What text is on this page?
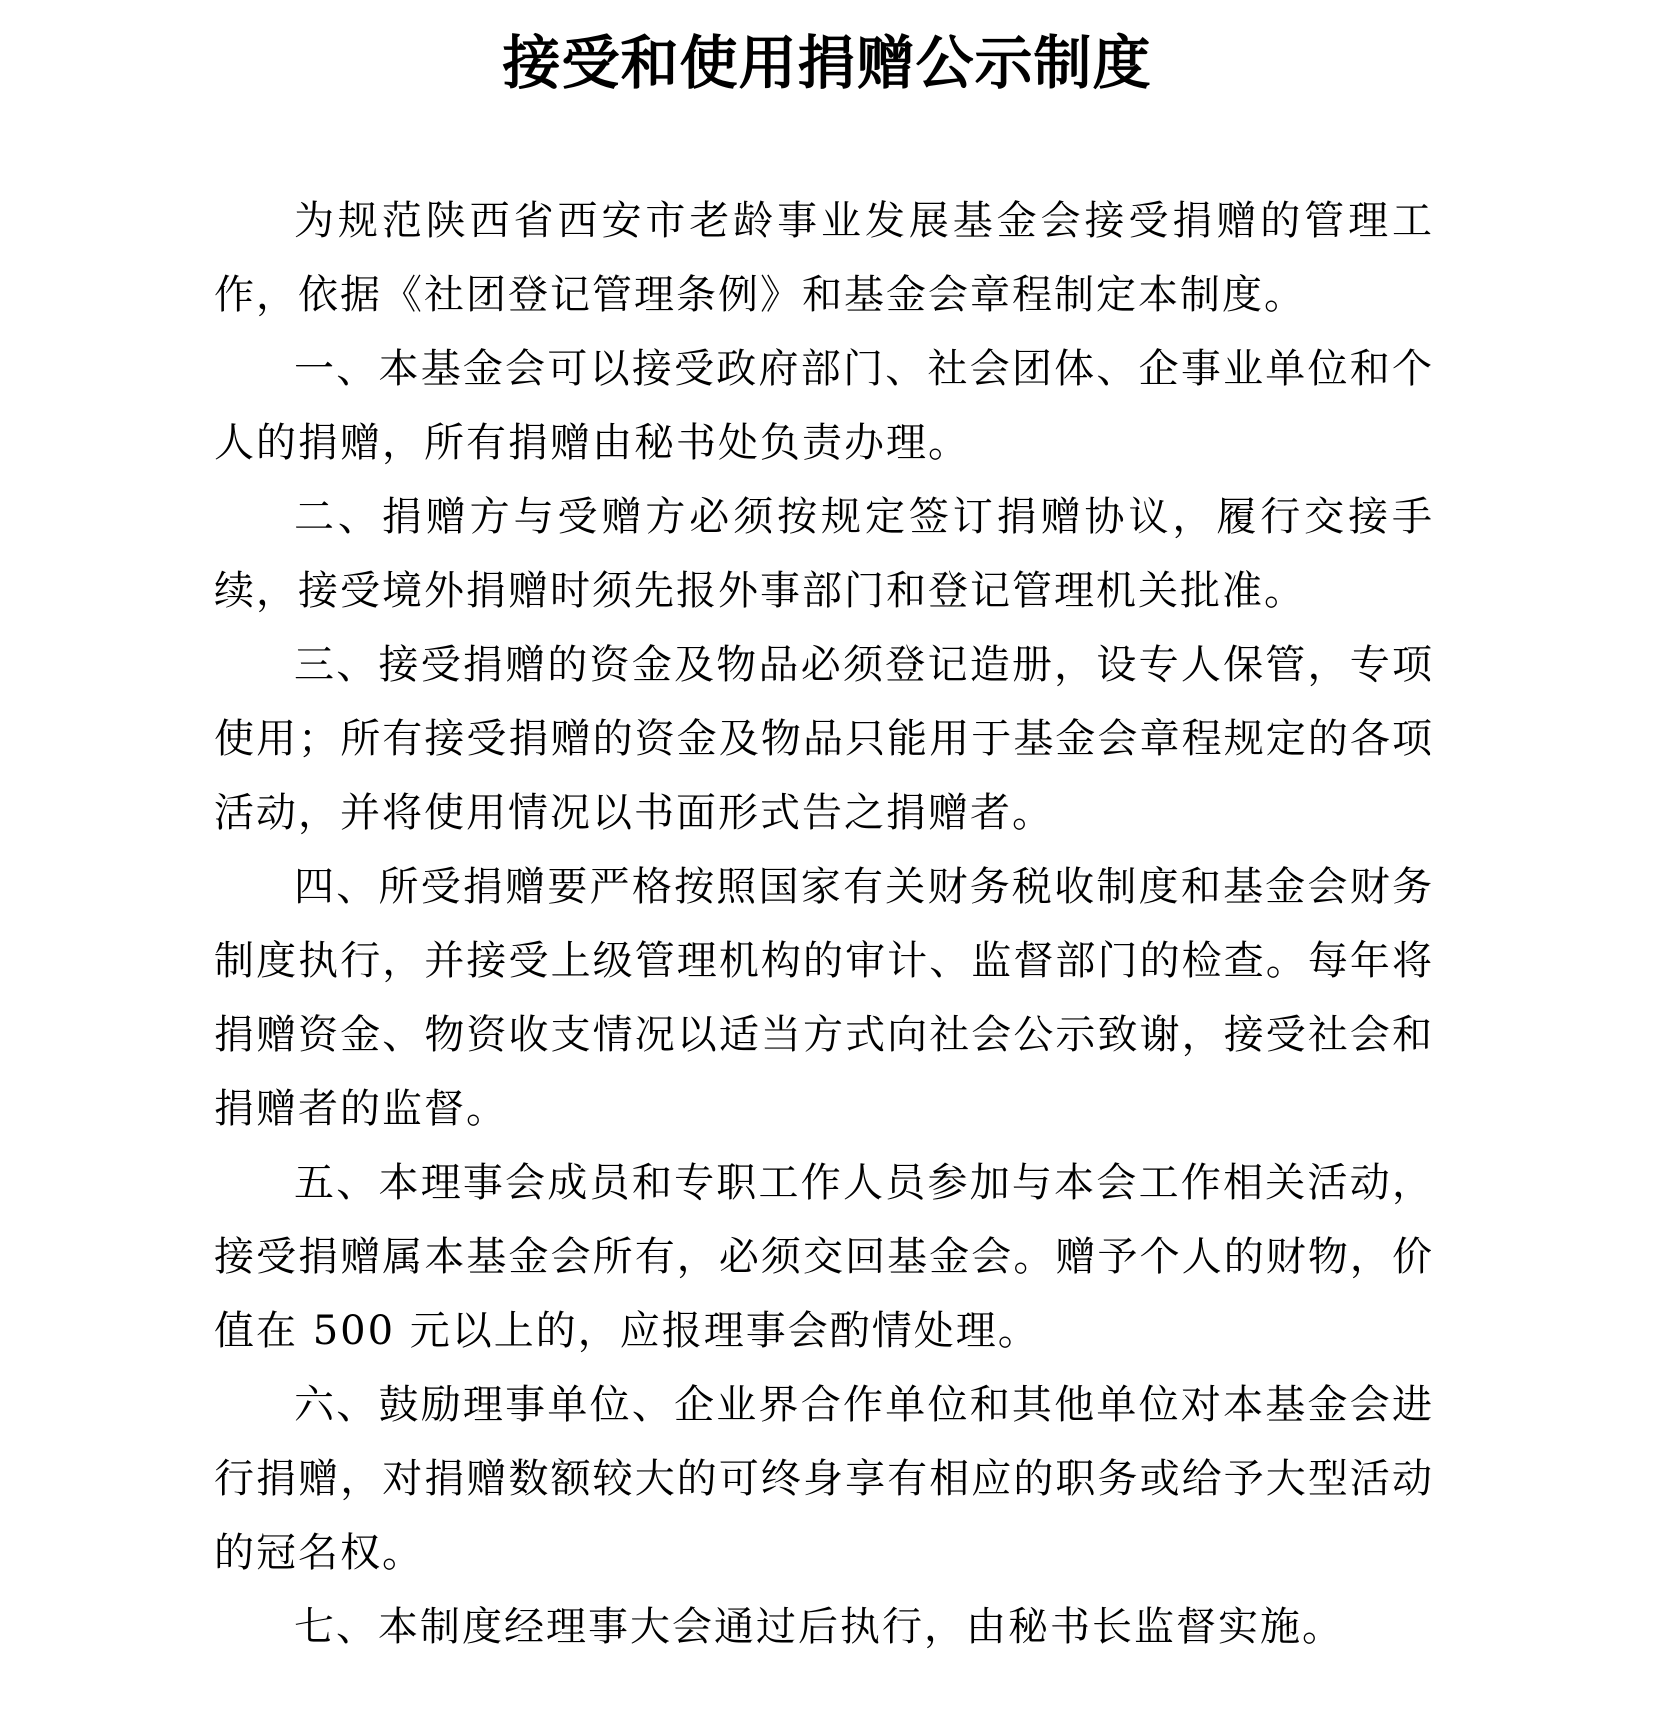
接受和使用捐赠公示制度

为规范陕西省西安市老龄事业发展基金会接受捐赠的管理工作，依据《社团登记管理条例》和基金会章程制定本制度。

一、本基金会可以接受政府部门、社会团体、企事业单位和个人的捐赠，所有捐赠由秘书处负责办理。

二、捐赠方与受赠方必须按规定签订捐赠协议，履行交接手续，接受境外捐赠时须先报外事部门和登记管理机关批准。

三、接受捐赠的资金及物品必须登记造册，设专人保管，专项使用；所有接受捐赠的资金及物品只能用于基金会章程规定的各项活动，并将使用情况以书面形式告之捐赠者。

四、所受捐赠要严格按照国家有关财务税收制度和基金会财务制度执行，并接受上级管理机构的审计、监督部门的检查。每年将捐赠资金、物资收支情况以适当方式向社会公示致谢，接受社会和捐赠者的监督。

五、本理事会成员和专职工作人员参加与本会工作相关活动，接受捐赠属本基金会所有，必须交回基金会。赠予个人的财物，价值在 500 元以上的，应报理事会酌情处理。

六、鼓励理事单位、企业界合作单位和其他单位对本基金会进行捐赠，对捐赠数额较大的可终身享有相应的职务或给予大型活动的冠名权。

七、本制度经理事大会通过后执行，由秘书长监督实施。
